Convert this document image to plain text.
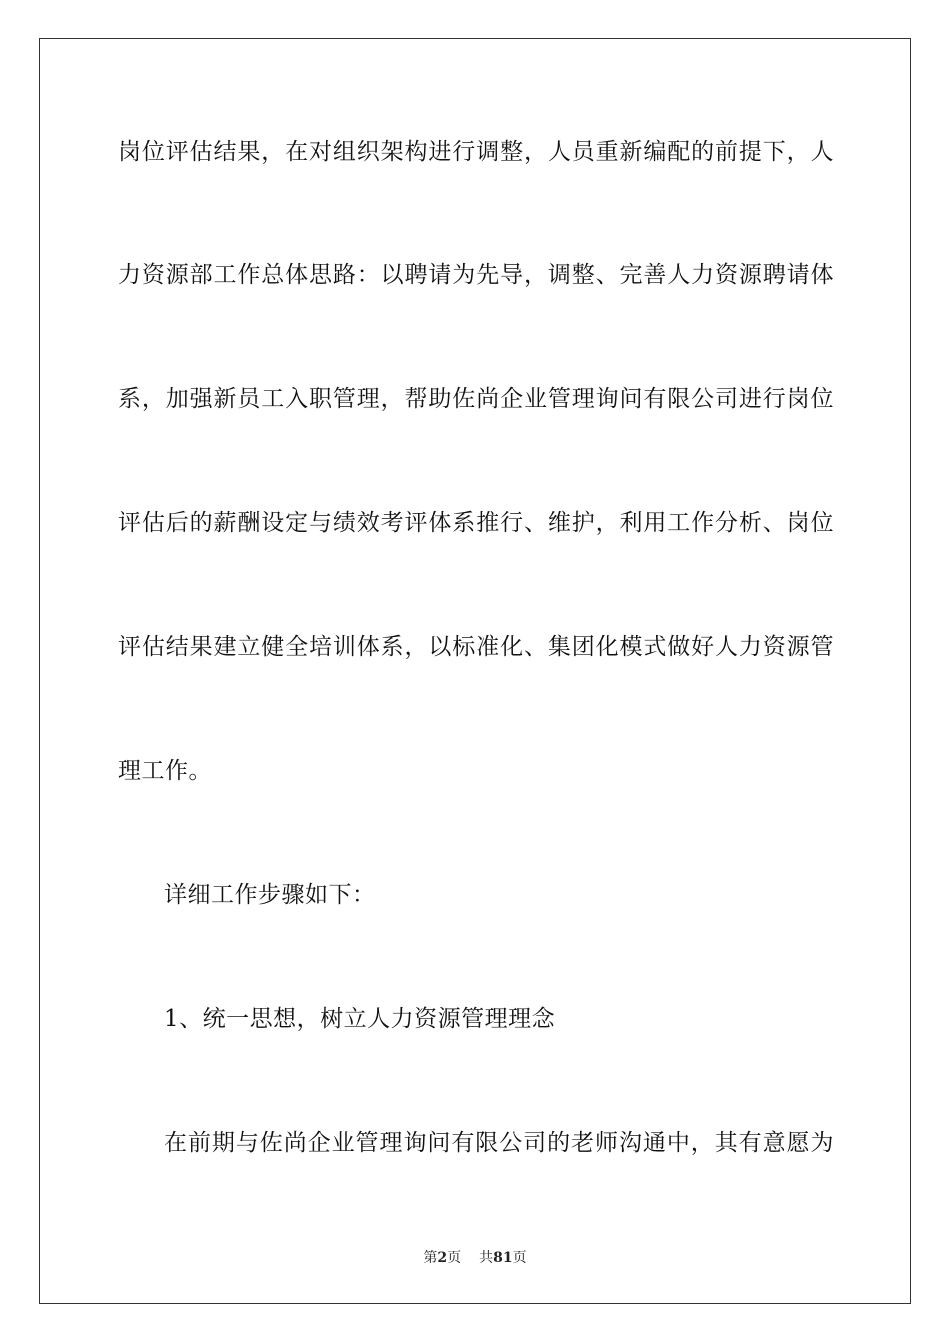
岗位评估结果，在对组织架构进行调整，人员重新编配的前提下，人
力资源部工作总体思路：以聘请为先导，调整、完善人力资源聘请体
系，加强新员工入职管理，帮助佐尚企业管理询问有限公司进行岗位
评估后的薪酬设定与绩效考评体系推行、维护，利用工作分析、岗位
评估结果建立健全培训体系，以标准化、集团化模式做好人力资源管
理工作。
详细工作步骤如下：
1、统一思想，树立人力资源管理理念
在前期与佐尚企业管理询问有限公司的老师沟通中，其有意愿为
第2页 共81页
